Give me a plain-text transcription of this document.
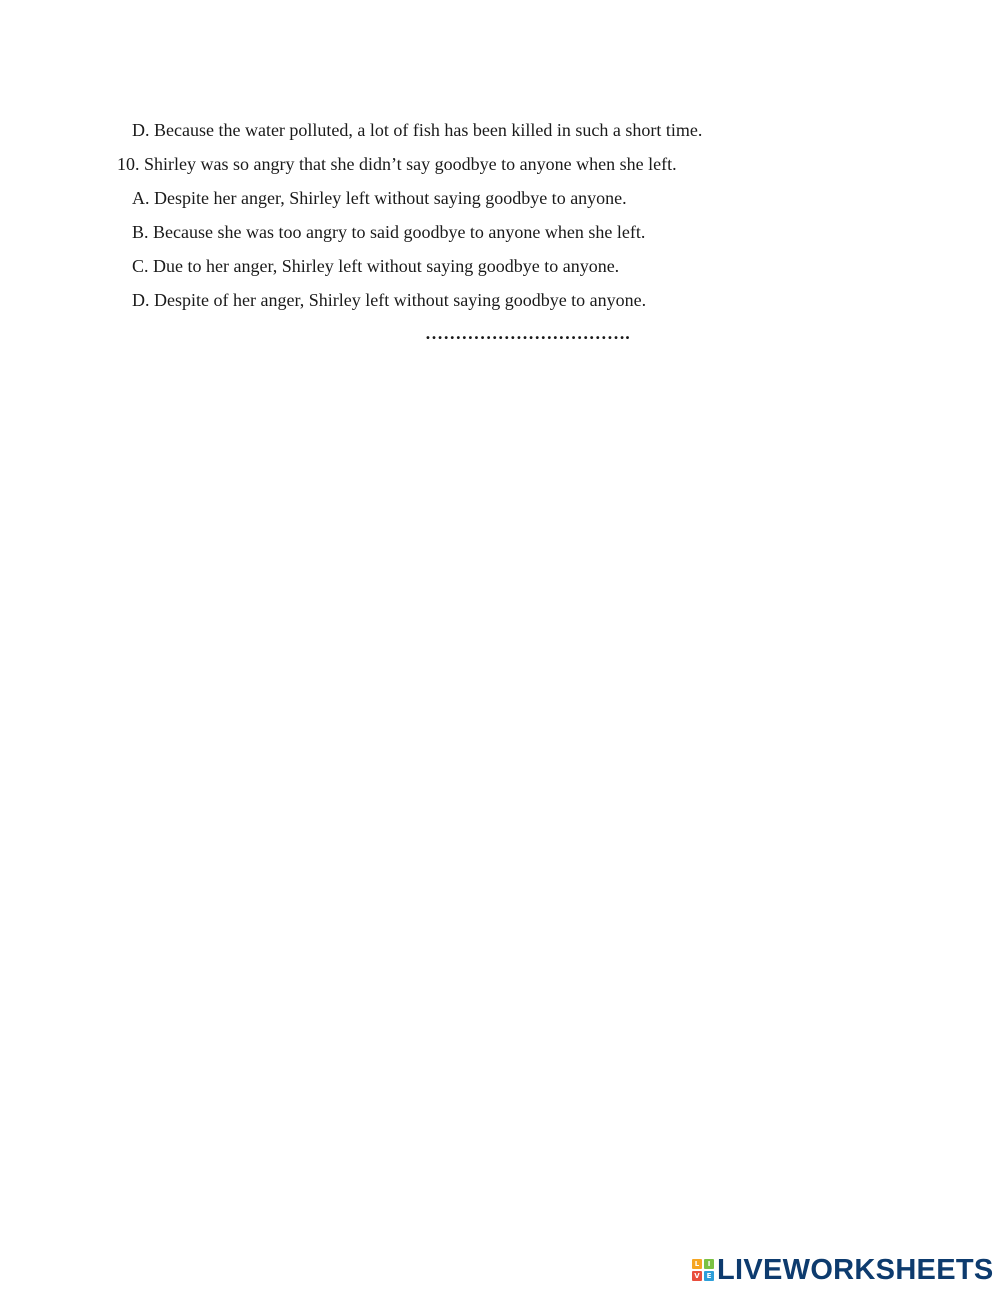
D. Because the water polluted, a lot of fish has been killed in such a short time.
10. Shirley was so angry that she didn’t say goodbye to anyone when she left.
A. Despite her anger, Shirley left without saying goodbye to anyone.
B. Because she was too angry to said goodbye to anyone when she left.
C. Due to her anger, Shirley left without saying goodbye to anyone.
D. Despite of her anger, Shirley left without saying goodbye to anyone.
…………………………….
L	I
V E LIVEWORKSHEETS
